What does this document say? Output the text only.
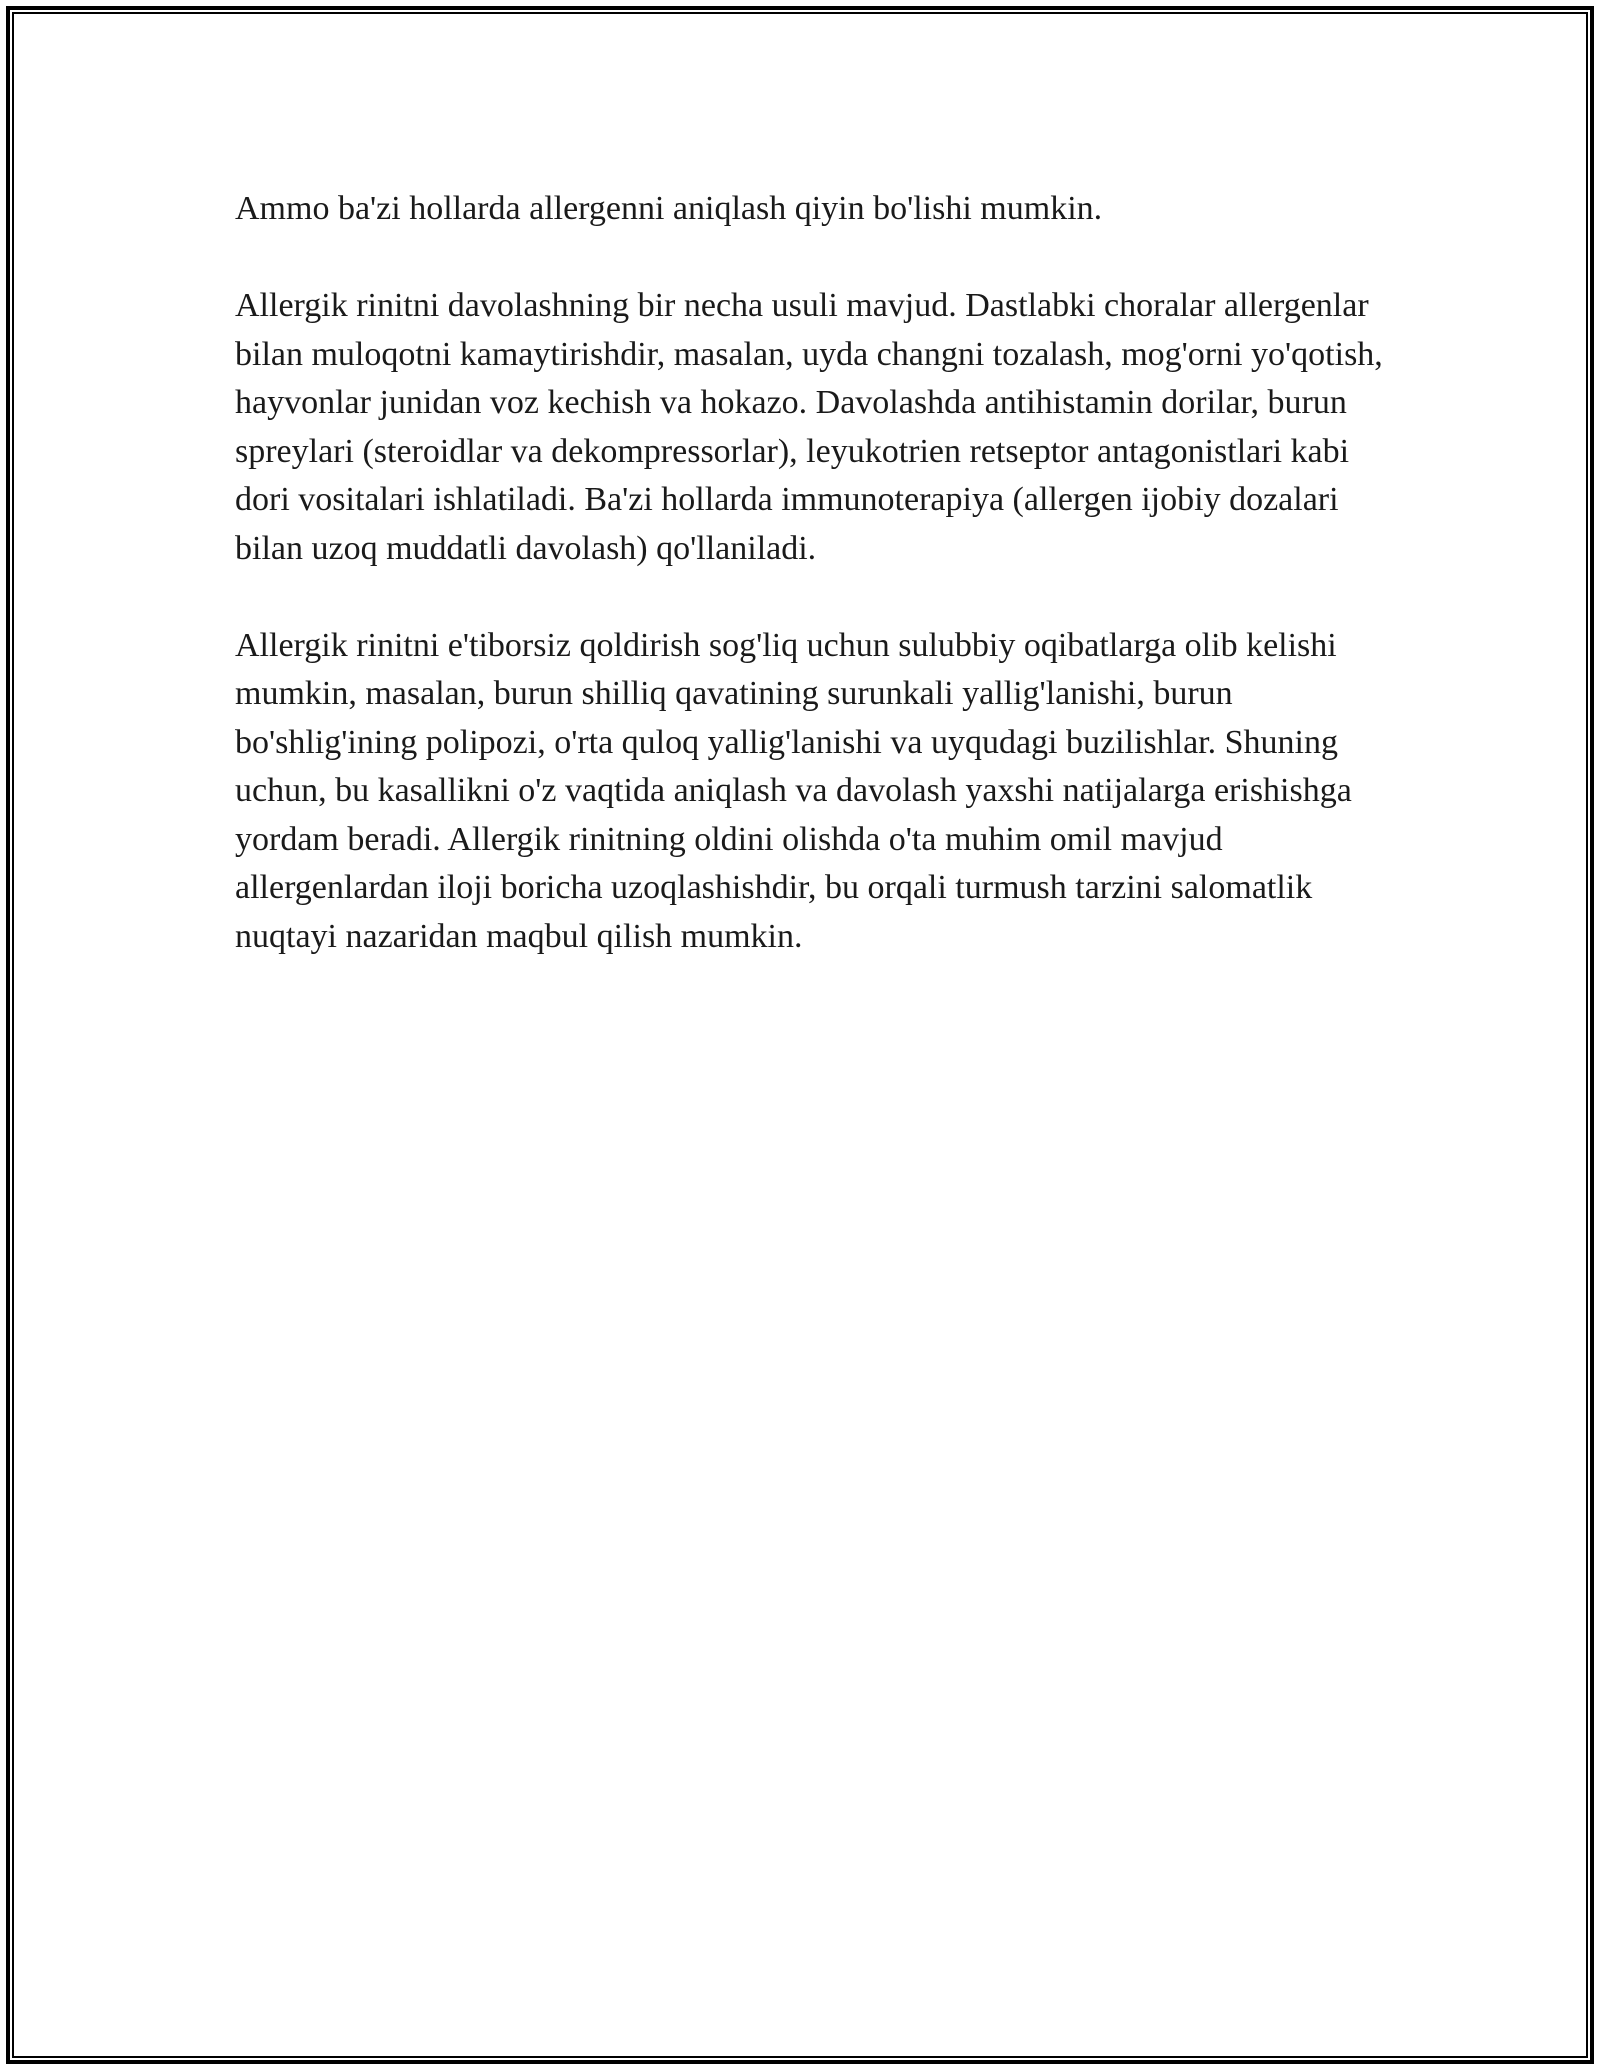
Ammo ba'zi hollarda allergenni aniqlash qiyin bo'lishi mumkin.

Allergik rinitni davolashning bir necha usuli mavjud. Dastlabki choralar allergenlar bilan muloqotni kamaytirishdir, masalan, uyda changni tozalash, mog'orni yo'qotish, hayvonlar junidan voz kechish va hokazo. Davolashda antihistamin dorilar, burun spreylari (steroidlar va dekompressorlar), leyukotrien retseptor antagonistlari kabi dori vositalari ishlatiladi. Ba'zi hollarda immunoterapiya (allergen ijobiy dozalari bilan uzoq muddatli davolash) qo'llaniladi.

Allergik rinitni e'tiborsiz qoldirish sog'liq uchun sulubbiy oqibatlarga olib kelishi mumkin, masalan, burun shilliq qavatining surunkali yallig'lanishi, burun bo'shlig'ining polipozi, o'rta quloq yallig'lanishi va uyqudagi buzilishlar. Shuning uchun, bu kasallikni o'z vaqtida aniqlash va davolash yaxshi natijalarga erishishga yordam beradi. Allergik rinitning oldini olishda o'ta muhim omil mavjud allergenlardan iloji boricha uzoqlashishdir, bu orqali turmush tarzini salomatlik nuqtayi nazaridan maqbul qilish mumkin.
